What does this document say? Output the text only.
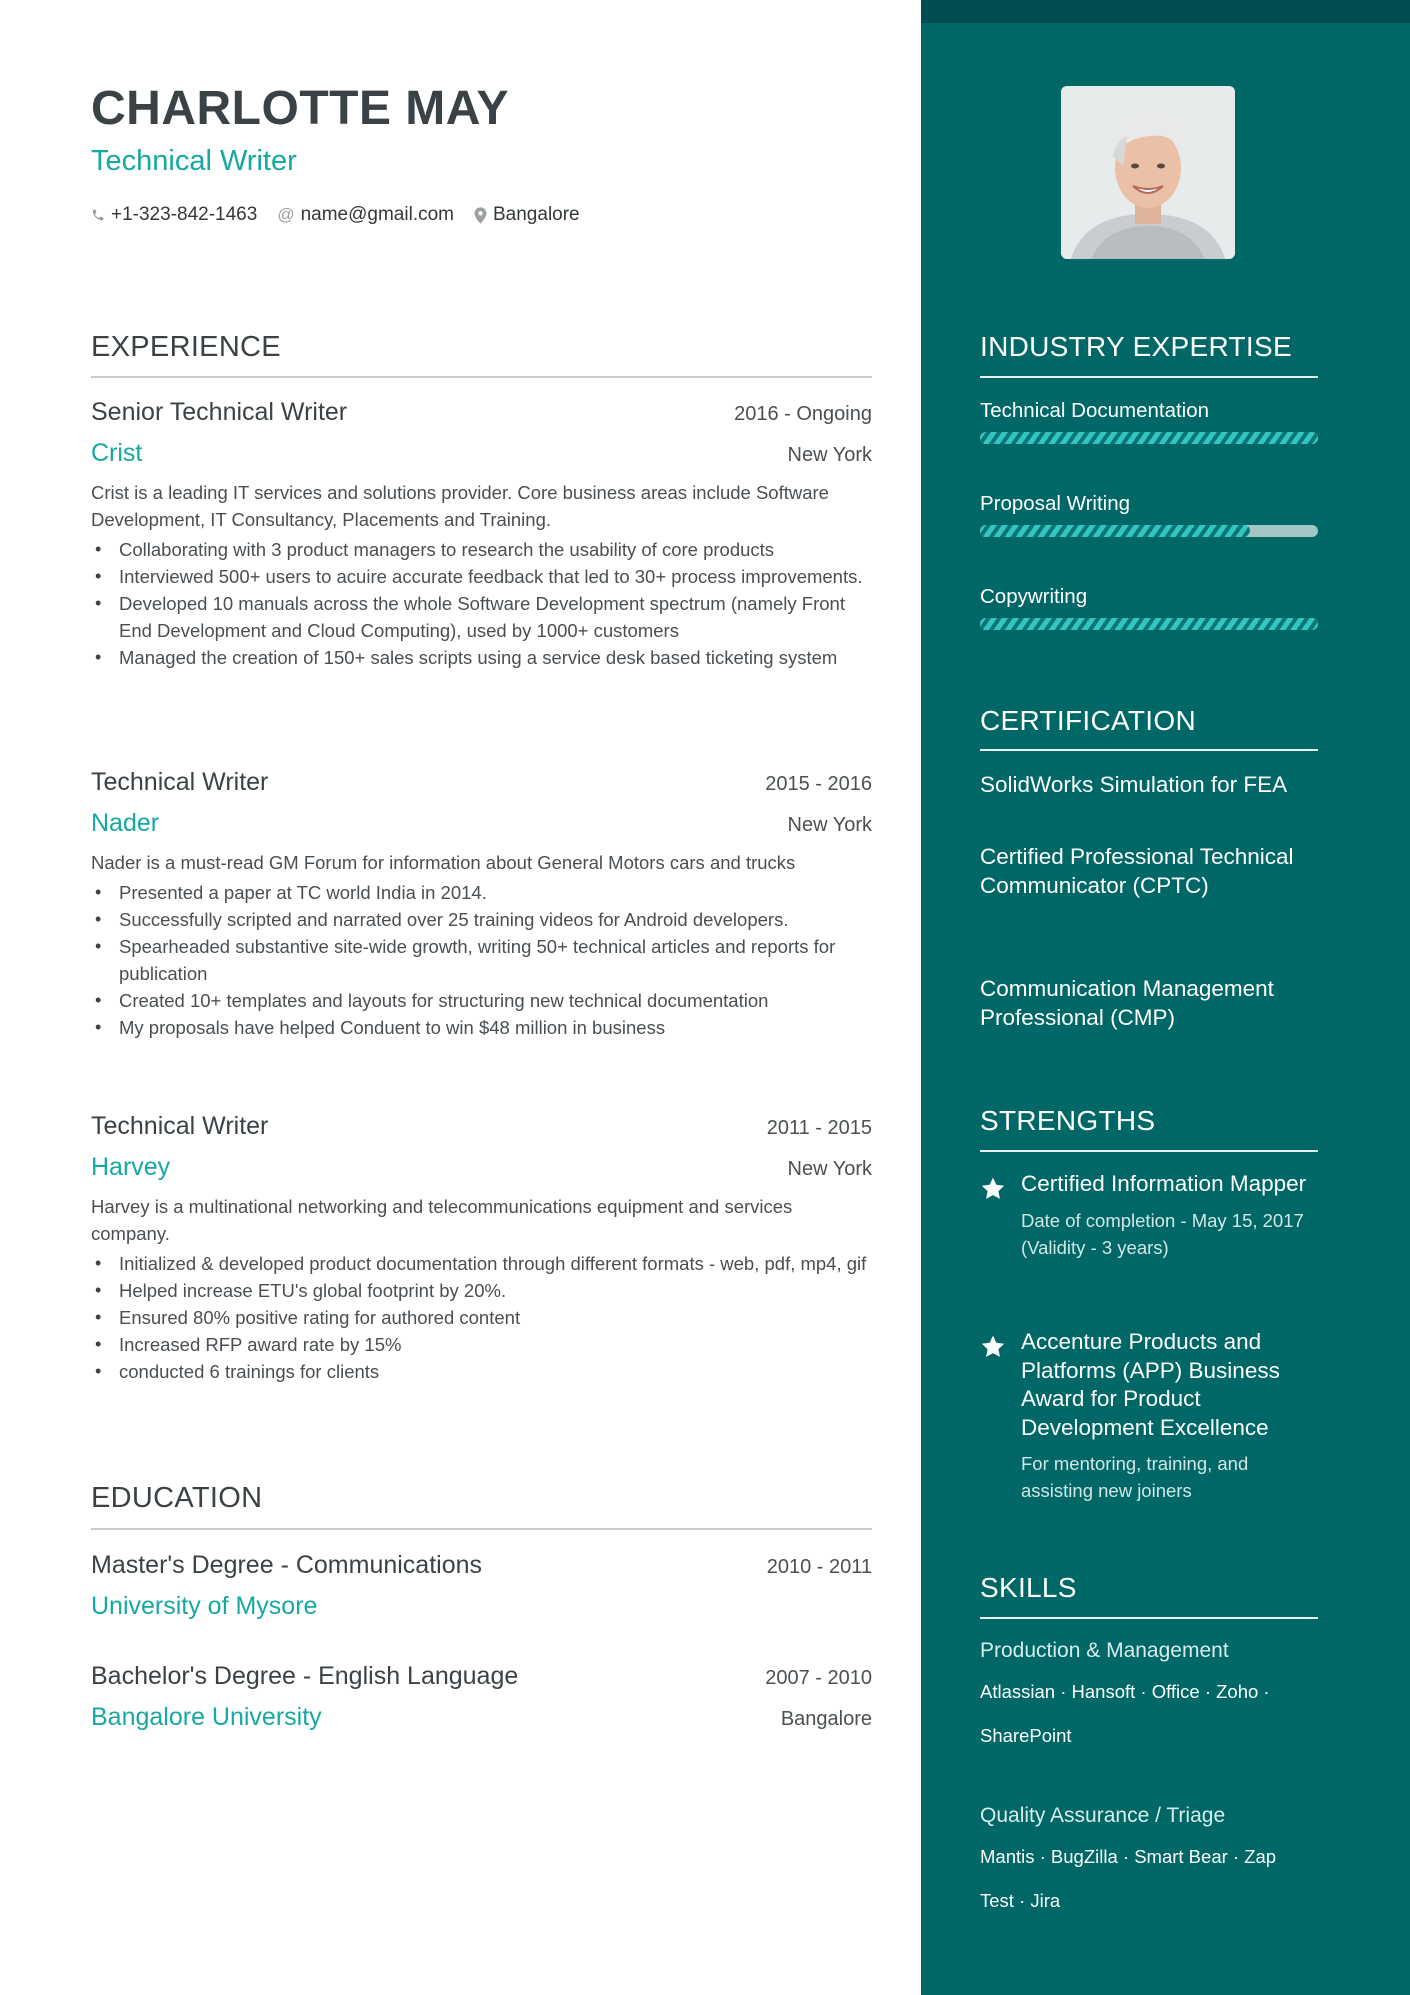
CHARLOTTE MAY
Technical Writer
+1-323-842-1463 @ name@gmail.com Bangalore
EXPERIENCE
Senior Technical Writer	2016 - Ongoing
Crist	New York
Crist is a leading IT services and solutions provider. Core business areas include Software Development, IT Consultancy, Placements and Training.
• Collaborating with 3 product managers to research the usability of core products
• Interviewed 500+ users to acuire accurate feedback that led to 30+ process improvements.
• Developed 10 manuals across the whole Software Development spectrum (namely Front End Development and Cloud Computing), used by 1000+ customers
• Managed the creation of 150+ sales scripts using a service desk based ticketing system
Technical Writer	2015 - 2016
Nader	New York
Nader is a must-read GM Forum for information about General Motors cars and trucks
• Presented a paper at TC world India in 2014.
• Successfully scripted and narrated over 25 training videos for Android developers.
• Spearheaded substantive site-wide growth, writing 50+ technical articles and reports for publication
• Created 10+ templates and layouts for structuring new technical documentation
• My proposals have helped Conduent to win $48 million in business
Technical Writer	2011 - 2015
Harvey	New York
Harvey is a multinational networking and telecommunications equipment and services company.
• Initialized & developed product documentation through different formats - web, pdf, mp4, gif
• Helped increase ETU's global footprint by 20%.
• Ensured 80% positive rating for authored content
• Increased RFP award rate by 15%
• conducted 6 trainings for clients
EDUCATION
Master's Degree - Communications	2010 - 2011
University of Mysore
Bachelor's Degree - English Language	2007 - 2010
Bangalore University	Bangalore
INDUSTRY EXPERTISE
Technical Documentation
Proposal Writing
Copywriting
CERTIFICATION
SolidWorks Simulation for FEA
Certified Professional Technical Communicator (CPTC)
Communication Management Professional (CMP)
STRENGTHS
Certified Information Mapper
Date of completion - May 15, 2017 (Validity - 3 years)
Accenture Products and Platforms (APP) Business Award for Product Development Excellence
For mentoring, training, and assisting new joiners
SKILLS
Production & Management
Atlassian · Hansoft · Office · Zoho · SharePoint
Quality Assurance / Triage
Mantis · BugZilla · Smart Bear · Zap Test · Jira
